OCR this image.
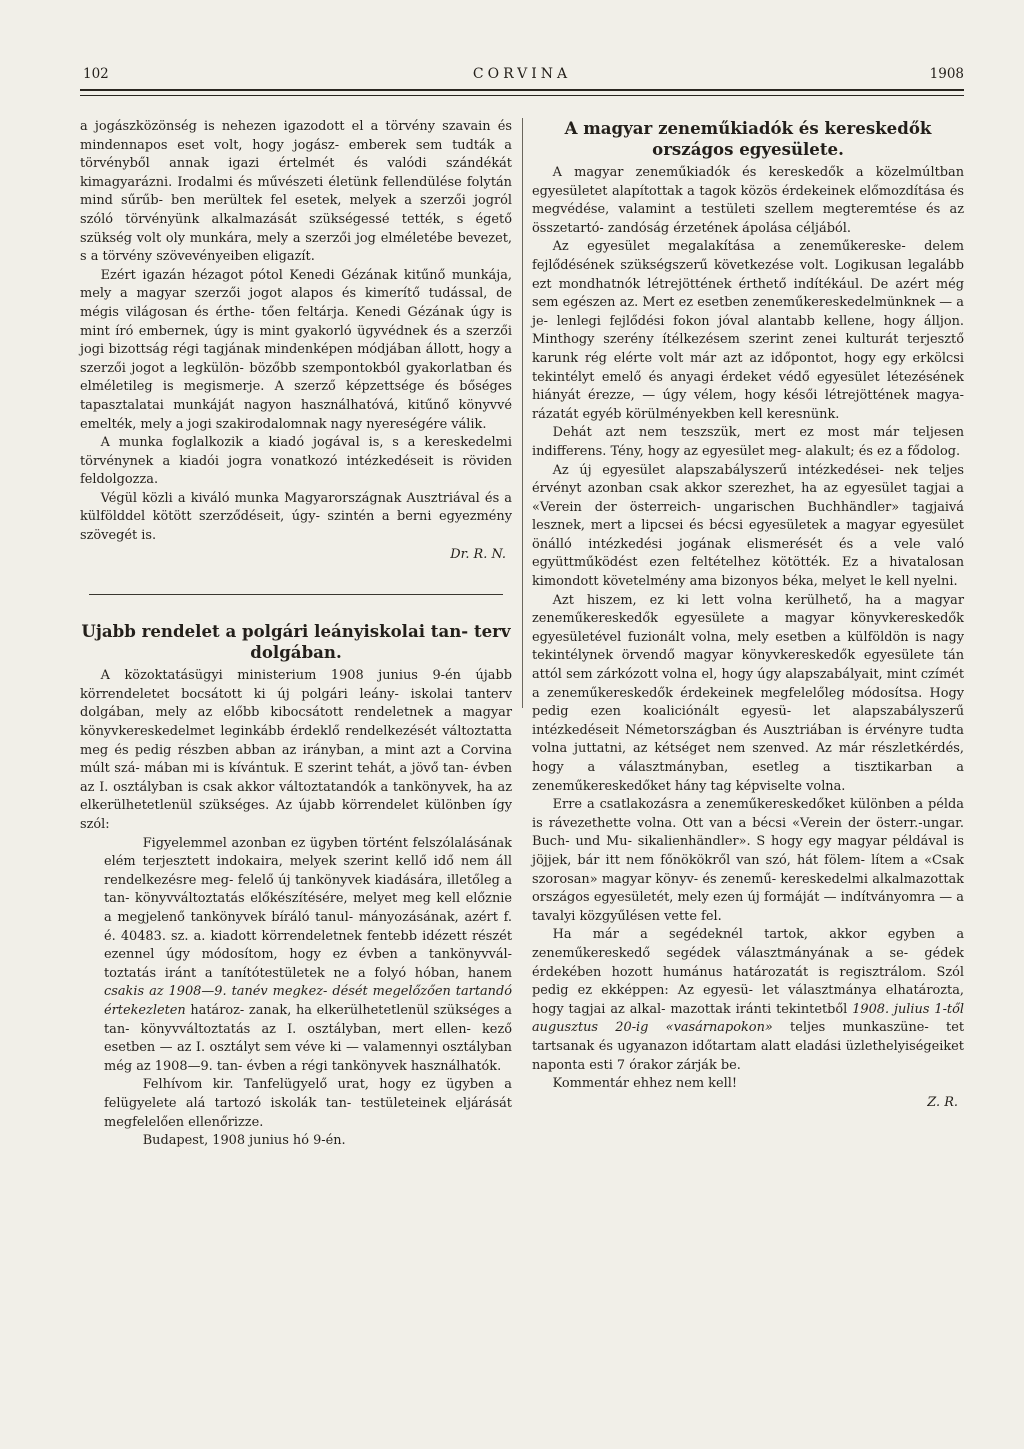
102	CORVINA	1908

a jogászközönség is nehezen igazodott el a törvény szavain és mindennapos eset volt, hogy jogász- emberek sem tudták a törvényből annak igazi értelmét és valódi szándékát kimagyarázni. Irodalmi és művészeti életünk fellendülése folytán mind sűrűb- ben merültek fel esetek, melyek a szerzői jogról szóló törvényünk alkalmazását szükségessé tették, s égető szükség volt oly munkára, mely a szerzői jog elméletébe bevezet, s a törvény szövevényeiben eligazít.

Ezért igazán hézagot pótol Kenedi Gézának kitűnő munkája, mely a magyar szerzői jogot alapos és kimerítő tudással, de mégis világosan és érthe- tően feltárja. Kenedi Gézának úgy is mint író embernek, úgy is mint gyakorló ügyvédnek és a szerzői jogi bizottság régi tagjának mindenképen módjában állott, hogy a szerzői jogot a legkülön- bözőbb szempontokból gyakorlatban és elméletileg is megismerje. A szerző képzettsége és bőséges tapasztalatai munkáját nagyon használhatóvá, kitűnő könyvvé emelték, mely a jogi szakirodalomnak nagy nyereségére válik.

A munka foglalkozik a kiadó jogával is, s a kereskedelmi törvénynek a kiadói jogra vonatkozó intézkedéseit is röviden feldolgozza.

Végül közli a kiváló munka Magyarországnak Ausztriával és a külfölddel kötött szerződéseit, úgy- szintén a berni egyezmény szövegét is.

Dr. R. N.

Ujabb rendelet a polgári leányiskolai tan- terv dolgában.

A közoktatásügyi ministerium 1908 junius 9-én újabb körrendeletet bocsátott ki új polgári leány- iskolai tanterv dolgában, mely az előbb kibocsátott rendeletnek a magyar könyvkereskedelmet leginkább érdeklő rendelkezését változtatta meg és pedig részben abban az irányban, a mint azt a Corvina múlt szá- mában mi is kívántuk. E szerint tehát, a jövő tan- évben az I. osztályban is csak akkor változtatandók a tankönyvek, ha az elkerülhetetlenül szükséges. Az újabb körrendelet különben így szól:

Figyelemmel azonban ez ügyben történt felszólalásának elém terjesztett indokaira, melyek szerint kellő idő nem áll rendelkezésre meg- felelő új tankönyvek kiadására, illetőleg a tan- könyvváltoztatás előkészítésére, melyet meg kell előznie a megjelenő tankönyvek bíráló tanul- mányozásának, azért f. é. 40483. sz. a. kiadott körrendeletnek fentebb idézett részét ezennel úgy módosítom, hogy ez évben a tankönyvvál- toztatás iránt a tanítótestületek ne a folyó hóban, hanem csakis az 1908—9. tanév megkez- dését megelőzően tartandó értekezleten határoz- zanak, ha elkerülhetetlenül szükséges a tan- könyvváltoztatás az I. osztályban, mert ellen- kező esetben — az I. osztályt sem véve ki — valamennyi osztályban még az 1908—9. tan- évben a régi tankönyvek használhatók.

Felhívom kir. Tanfelügyelő urat, hogy ez ügyben a felügyelete alá tartozó iskolák tan- testületeinek eljárását megfelelően ellenőrizze.

Budapest, 1908 junius hó 9-én.

A magyar zeneműkiadók és kereskedők országos egyesülete.

A magyar zeneműkiadók és kereskedők a közelmúltban egyesületet alapítottak a tagok közös érdekeinek előmozdítása és megvédése, valamint a testületi szellem megteremtése és az összetartó- zandóság érzetének ápolása céljából.

Az egyesület megalakítása a zeneműkereske- delem fejlődésének szükségszerű következése volt. Logikusan legalább ezt mondhatnók létrejöttének érthető indítékául. De azért még sem egészen az. Mert ez esetben zeneműkereskedelmünknek — a je- lenlegi fejlődési fokon jóval alantabb kellene, hogy álljon. Minthogy szerény ítélkezésem szerint zenei kulturát terjesztő karunk rég elérte volt már azt az időpontot, hogy egy erkölcsi tekintélyt emelő és anyagi érdeket védő egyesület létezésének hiányát érezze, — úgy vélem, hogy késői létrejöttének magya- rázatát egyéb körülményekben kell keresnünk.

Dehát azt nem teszszük, mert ez most már teljesen indifferens. Tény, hogy az egyesület meg- alakult; és ez a fődolog.

Az új egyesület alapszabályszerű intézkedései- nek teljes érvényt azonban csak akkor szerezhet, ha az egyesület tagjai a «Verein der österreich- ungarischen Buchhändler» tagjaivá lesznek, mert a lipcsei és bécsi egyesületek a magyar egyesület önálló intézkedési jogának elismerését és a vele való együttműködést ezen feltételhez kötötték. Ez a hivatalosan kimondott követelmény ama bizonyos béka, melyet le kell nyelni.

Azt hiszem, ez ki lett volna kerülhető, ha a magyar zeneműkereskedők egyesülete a magyar könyvkereskedők egyesületével fuzionált volna, mely esetben a külföldön is nagy tekintélynek örvendő magyar könyvkereskedők egyesülete tán attól sem zárkózott volna el, hogy úgy alapszabályait, mint czímét a zeneműkereskedők érdekeinek megfelelőleg módosítsa. Hogy pedig ezen koaliciónált egyesü- let alapszabályszerű intézkedéseit Németországban és Ausztriában is érvényre tudta volna juttatni, az kétséget nem szenved. Az már részletkérdés, hogy a választmányban, esetleg a tisztikarban a zeneműkereskedőket hány tag képviselte volna.

Erre a csatlakozásra a zeneműkereskedőket különben a példa is rávezethette volna. Ott van a bécsi «Verein der österr.-ungar. Buch- und Mu- sikalienhändler». S hogy egy magyar példával is jöjjek, bár itt nem főnökökről van szó, hát fölem- lítem a «Csak szorosan» magyar könyv- és zenemű- kereskedelmi alkalmazottak országos egyesületét, mely ezen új formáját — indítványomra — a tavalyi közgyűlésen vette fel.

Ha már a segédeknél tartok, akkor egyben a zeneműkereskedő segédek választmányának a se- gédek érdekében hozott humánus határozatát is regisztrálom. Szól pedig ez ekképpen: Az egyesü- let választmánya elhatározta, hogy tagjai az alkal- mazottak iránti tekintetből 1908. julius 1-től augusztus 20-ig «vasárnapokon» teljes munkaszüne- tet tartsanak és ugyanazon időtartam alatt eladási üzlethelyiségeiket naponta esti 7 órakor zárják be.

Kommentár ehhez nem kell!

Z. R.
